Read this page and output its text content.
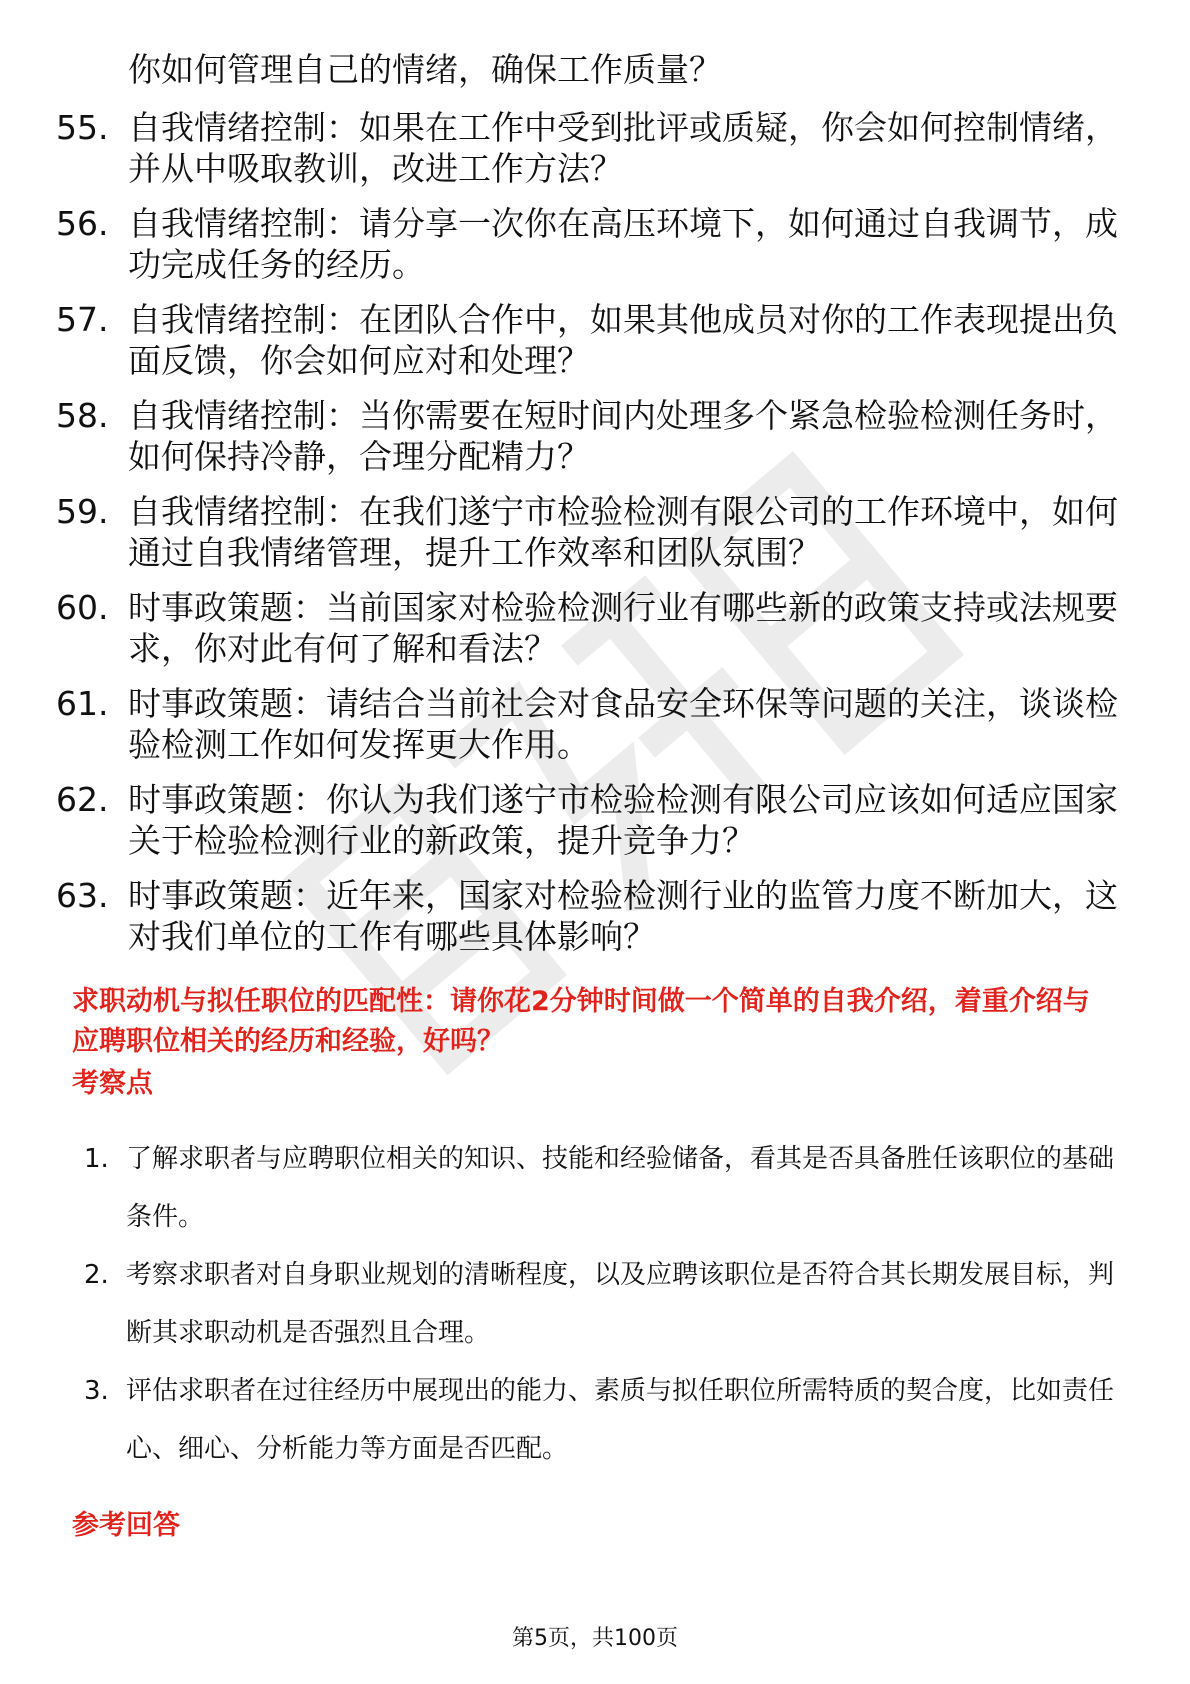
你如何管理自己的情绪，确保工作质量？
55. 自我情绪控制：如果在工作中受到批评或质疑，你会如何控制情绪，并从中吸取教训，改进工作方法？
56. 自我情绪控制：请分享一次你在高压环境下，如何通过自我调节，成功完成任务的经历。
57. 自我情绪控制：在团队合作中，如果其他成员对你的工作表现提出负面反馈，你会如何应对和处理？
58. 自我情绪控制：当你需要在短时间内处理多个紧急检验检测任务时，如何保持冷静，合理分配精力？
59. 自我情绪控制：在我们遂宁市检验检测有限公司的工作环境中，如何通过自我情绪管理，提升工作效率和团队氛围？
60. 时事政策题：当前国家对检验检测行业有哪些新的政策支持或法规要求，你对此有何了解和看法？
61. 时事政策题：请结合当前社会对食品安全环保等问题的关注，谈谈检验检测工作如何发挥更大作用。
62. 时事政策题：你认为我们遂宁市检验检测有限公司应该如何适应国家关于检验检测行业的新政策，提升竞争力？
63. 时事政策题：近年来，国家对检验检测行业的监管力度不断加大，这对我们单位的工作有哪些具体影响？
求职动机与拟任职位的匹配性：请你花2分钟时间做一个简单的自我介绍，着重介绍与应聘职位相关的经历和经验，好吗？
考察点
1. 了解求职者与应聘职位相关的知识、技能和经验储备，看其是否具备胜任该职位的基础条件。
2. 考察求职者对自身职业规划的清晰程度，以及应聘该职位是否符合其长期发展目标，判断其求职动机是否强烈且合理。
3. 评估求职者在过往经历中展现出的能力、素质与拟任职位所需特质的契合度，比如责任心、细心、分析能力等方面是否匹配。
参考回答
第5页，共100页
